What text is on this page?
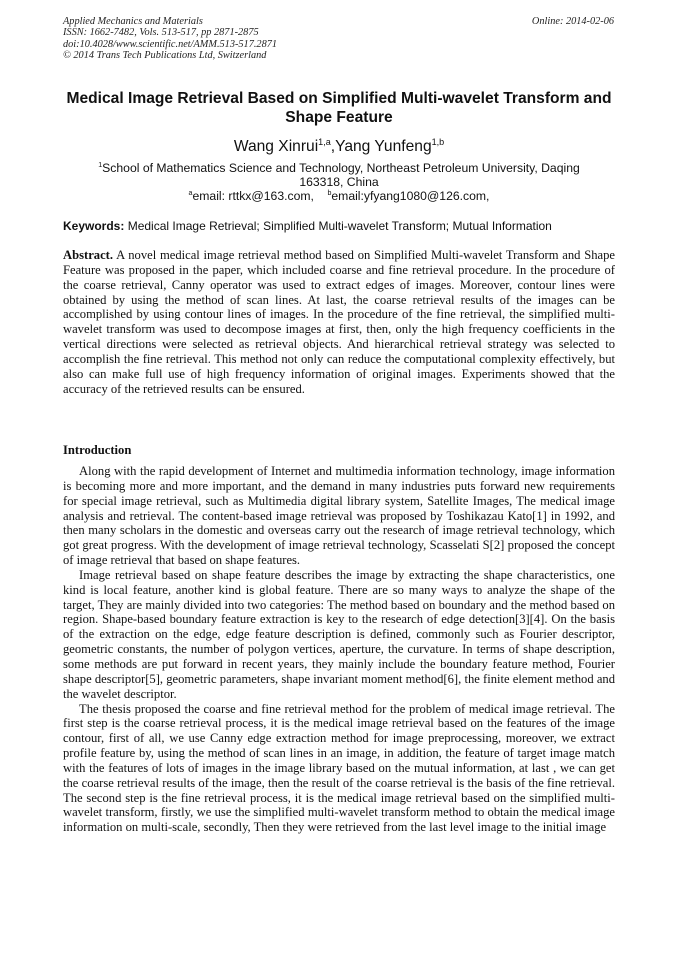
Applied Mechanics and Materials
ISSN: 1662-7482, Vols. 513-517, pp 2871-2875
doi:10.4028/www.scientific.net/AMM.513-517.2871
© 2014 Trans Tech Publications Ltd, Switzerland
Online: 2014-02-06
Medical Image Retrieval Based on Simplified Multi-wavelet Transform and Shape Feature
Wang Xinrui$^{1,a}$,Yang Yunfeng$^{1,b}$
$^1$School of Mathematics Science and Technology, Northeast Petroleum University, Daqing 163318, China
$^a$email: rttkx@163.com, $^b$email:yfyang1080@126.com,
Keywords: Medical Image Retrieval; Simplified Multi-wavelet Transform; Mutual Information

Abstract. A novel medical image retrieval method based on Simplified Multi-wavelet Transform and Shape Feature was proposed in the paper, which included coarse and fine retrieval procedure. In the procedure of the coarse retrieval, Canny operator was used to extract edges of images. Moreover, contour lines were obtained by using the method of scan lines. At last, the coarse retrieval results of the images can be accomplished by using contour lines of images. In the procedure of the fine retrieval, the simplified multi-wavelet transform was used to decompose images at first, then, only the high frequency coefficients in the vertical directions were selected as retrieval objects. And hierarchical retrieval strategy was selected to accomplish the fine retrieval. This method not only can reduce the computational complexity effectively, but also can make full use of high frequency information of original images. Experiments showed that the accuracy of the retrieved results can be ensured.

Introduction

Along with the rapid development of Internet and multimedia information technology, image information is becoming more and more important, and the demand in many industries puts forward new requirements for special image retrieval, such as Multimedia digital library system, Satellite Images, The medical image analysis and retrieval. The content-based image retrieval was proposed by Toshikazau Kato[1] in 1992, and then many scholars in the domestic and overseas carry out the research of image retrieval technology, which got great progress. With the development of image retrieval technology, Scasselati S[2] proposed the concept of image retrieval that based on shape features.

Image retrieval based on shape feature describes the image by extracting the shape characteristics, one kind is local feature, another kind is global feature. There are so many ways to analyze the shape of the target, They are mainly divided into two categories: The method based on boundary and the method based on region. Shape-based boundary feature extraction is key to the research of edge detection[3][4]. On the basis of the extraction on the edge, edge feature description is defined, commonly such as Fourier descriptor, geometric constants, the number of polygon vertices, aperture, the curvature. In terms of shape description, some methods are put forward in recent years, they mainly include the boundary feature method, Fourier shape descriptor[5], geometric parameters, shape invariant moment method[6], the finite element method and the wavelet descriptor.

The thesis proposed the coarse and fine retrieval method for the problem of medical image retrieval. The first step is the coarse retrieval process, it is the medical image retrieval based on the features of the image contour, first of all, we use Canny edge extraction method for image preprocessing, moreover, we extract profile feature by, using the method of scan lines in an image, in addition, the feature of target image match with the features of lots of images in the image library based on the mutual information, at last , we can get the coarse retrieval results of the image, then the result of the coarse retrieval is the basis of the fine retrieval. The second step is the fine retrieval process, it is the medical image retrieval based on the simplified multi-wavelet transform, firstly, we use the simplified multi-wavelet transform method to obtain the medical image information on multi-scale, secondly, Then they were retrieved from the last level image to the initial image
